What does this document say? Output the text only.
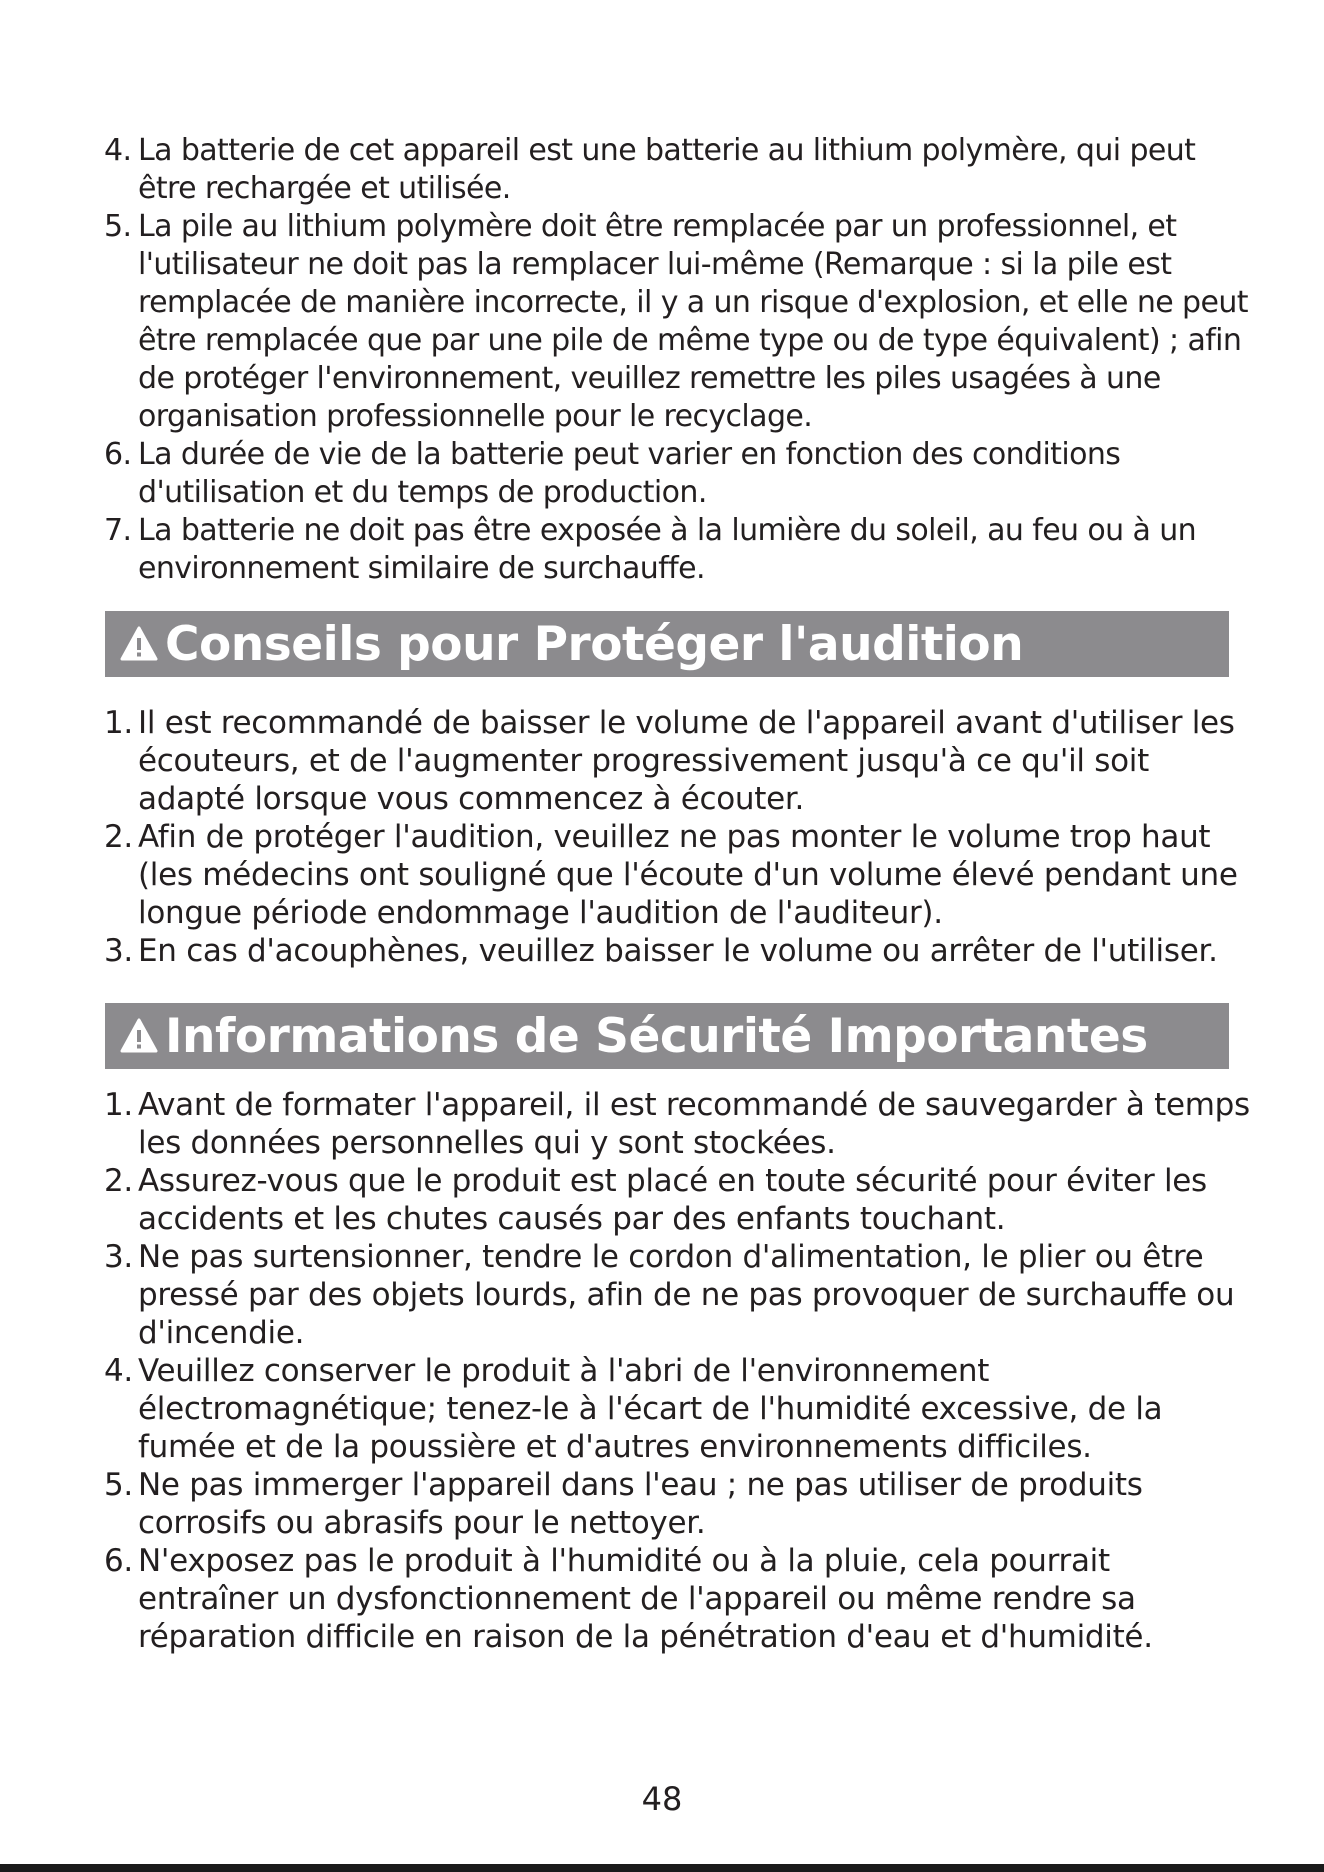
4. La batterie de cet appareil est une batterie au lithium polymère, qui peut être rechargée et utilisée.
5. La pile au lithium polymère doit être remplacée par un professionnel, et l'utilisateur ne doit pas la remplacer lui-même (Remarque : si la pile est remplacée de manière incorrecte, il y a un risque d'explosion, et elle ne peut être remplacée que par une pile de même type ou de type équivalent) ; afin de protéger l'environnement, veuillez remettre les piles usagées à une organisation professionnelle pour le recyclage.
6. La durée de vie de la batterie peut varier en fonction des conditions d'utilisation et du temps de production.
7. La batterie ne doit pas être exposée à la lumière du soleil, au feu ou à un environnement similaire de surchauffe.
Conseils pour Protéger l'audition
1. Il est recommandé de baisser le volume de l'appareil avant d'utiliser les écouteurs, et de l'augmenter progressivement jusqu'à ce qu'il soit adapté lorsque vous commencez à écouter.
2. Afin de protéger l'audition, veuillez ne pas monter le volume trop haut (les médecins ont souligné que l'écoute d'un volume élevé pendant une longue période endommage l'audition de l'auditeur).
3. En cas d'acouphènes, veuillez baisser le volume ou arrêter de l'utiliser.
Informations de Sécurité Importantes
1. Avant de formater l'appareil, il est recommandé de sauvegarder à temps les données personnelles qui y sont stockées.
2. Assurez-vous que le produit est placé en toute sécurité pour éviter les accidents et les chutes causés par des enfants touchant.
3. Ne pas surtensionner, tendre le cordon d'alimentation, le plier ou être pressé par des objets lourds, afin de ne pas provoquer de surchauffe ou d'incendie.
4. Veuillez conserver le produit à l'abri de l'environnement électromagnétique; tenez-le à l'écart de l'humidité excessive, de la fumée et de la poussière et d'autres environnements difficiles.
5. Ne pas immerger l'appareil dans l'eau ; ne pas utiliser de produits corrosifs ou abrasifs pour le nettoyer.
6. N'exposez pas le produit à l'humidité ou à la pluie, cela pourrait entraîner un dysfonctionnement de l'appareil ou même rendre sa réparation difficile en raison de la pénétration d'eau et d'humidité.
48
